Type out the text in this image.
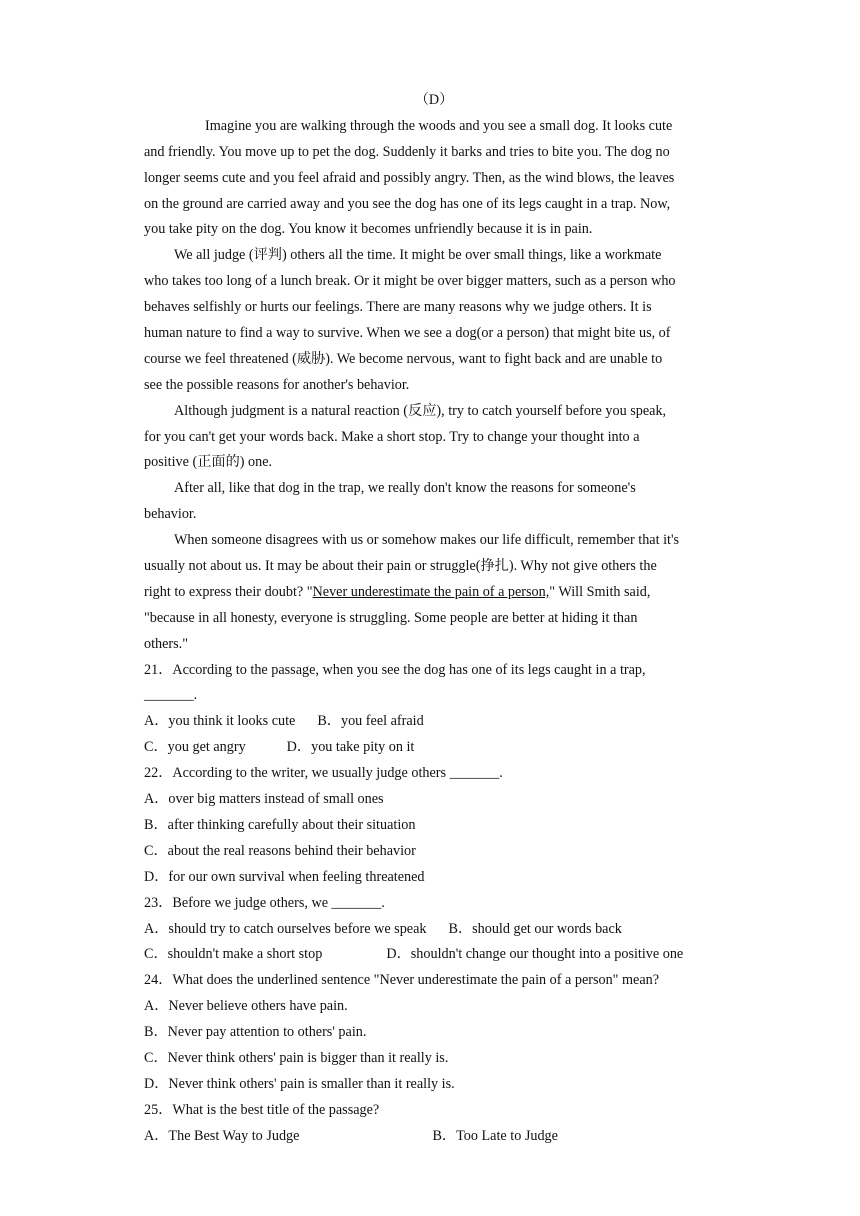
（D）
Imagine you are walking through the woods and you see a small dog. It looks cute
and friendly. You move up to pet the dog. Suddenly it barks and tries to bite you. The dog no
longer seems cute and you feel afraid and possibly angry. Then, as the wind blows, the leaves
on the ground are carried away and you see the dog has one of its legs caught in a trap. Now,
you take pity on the dog. You know it becomes unfriendly because it is in pain.
We all judge (评判) others all the time. It might be over small things, like a workmate
who takes too long of a lunch break. Or it might be over bigger matters, such as a person who
behaves selfishly or hurts our feelings. There are many reasons why we judge others. It is
human nature to find a way to survive. When we see a dog(or a person) that might bite us, of
course we feel threatened (威胁). We become nervous, want to fight back and are unable to
see the possible reasons for another's behavior.
Although judgment is a natural reaction (反应), try to catch yourself before you speak,
for you can't get your words back. Make a short stop. Try to change your thought into a
positive (正面的) one.
After all, like that dog in the trap, we really don't know the reasons for someone's
behavior.
When someone disagrees with us or somehow makes our life difficult, remember that it's
usually not about us. It may be about their pain or struggle(挣扎). Why not give others the
right to express their doubt? "Never underestimate the pain of a person," Will Smith said,
"because in all honesty, everyone is struggling. Some people are better at hiding it than
others."
21．According to the passage, when you see the dog has one of its legs caught in a trap,
_______.
A．you think it looks cute B．you feel afraid
C．you get angry	D．you take pity on it
22．According to the writer, we usually judge others _______.
A．over big matters instead of small ones
B．after thinking carefully about their situation
C．about the real reasons behind their behavior
D．for our own survival when feeling threatened
23．Before we judge others, we _______.
A．should try to catch ourselves before we speak B．should get our words back
C．shouldn't make a short stop	D．shouldn't change our thought into a positive one
24．What does the underlined sentence "Never underestimate the pain of a person" mean?
A．Never believe others have pain.
B．Never pay attention to others' pain.
C．Never think others' pain is bigger than it really is.
D．Never think others' pain is smaller than it really is.
25．What is the best title of the passage?
A．The Best Way to Judge	B．Too Late to Judge
